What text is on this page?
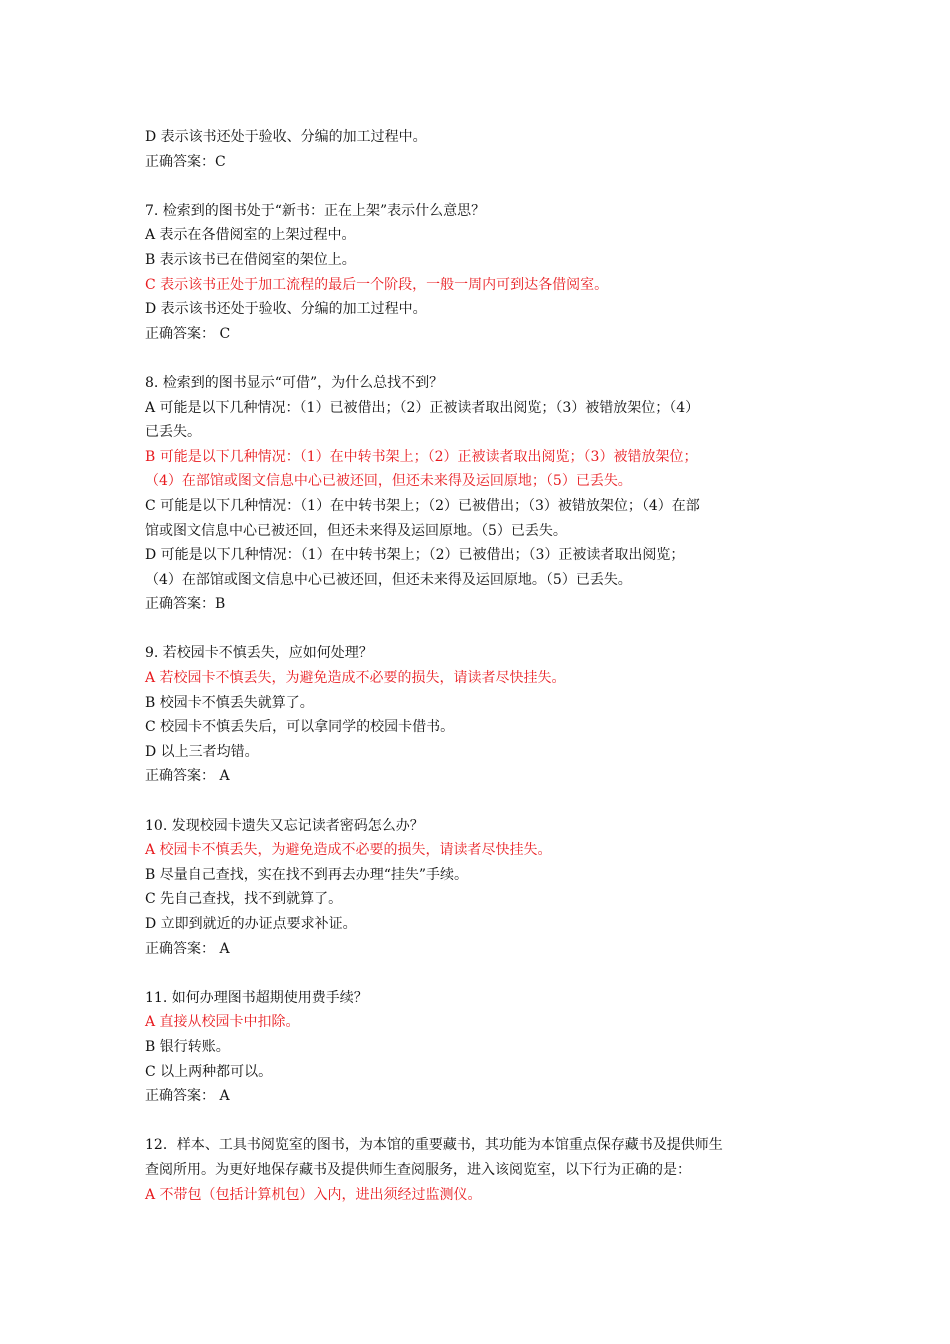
D 表示该书还处于验收、分编的加工过程中。
正确答案：C
7. 检索到的图书处于“新书：正在上架”表示什么意思？
A 表示在各借阅室的上架过程中。
B 表示该书已在借阅室的架位上。
C 表示该书正处于加工流程的最后一个阶段，一般一周内可到达各借阅室。
D 表示该书还处于验收、分编的加工过程中。
正确答案： C
8. 检索到的图书显示“可借”，为什么总找不到？
A 可能是以下几种情况：（1）已被借出；（2）正被读者取出阅览；（3）被错放架位；（4）
已丢失。
B 可能是以下几种情况：（1）在中转书架上；（2）正被读者取出阅览；（3）被错放架位；
（4）在部馆或图文信息中心已被还回，但还未来得及运回原地；（5）已丢失。
C 可能是以下几种情况：（1）在中转书架上；（2）已被借出；（3）被错放架位；（4）在部
馆或图文信息中心已被还回，但还未来得及运回原地。（5）已丢失。
D 可能是以下几种情况：（1）在中转书架上；（2）已被借出；（3）正被读者取出阅览；
（4）在部馆或图文信息中心已被还回，但还未来得及运回原地。（5）已丢失。
正确答案：B
9. 若校园卡不慎丢失，应如何处理？
A 若校园卡不慎丢失，为避免造成不必要的损失，请读者尽快挂失。
B 校园卡不慎丢失就算了。
C 校园卡不慎丢失后，可以拿同学的校园卡借书。
D 以上三者均错。
正确答案： A
10. 发现校园卡遗失又忘记读者密码怎么办？
A 校园卡不慎丢失，为避免造成不必要的损失，请读者尽快挂失。
B 尽量自己查找，实在找不到再去办理“挂失”手续。
C 先自己查找，找不到就算了。
D 立即到就近的办证点要求补证。
正确答案： A
11. 如何办理图书超期使用费手续？
A 直接从校园卡中扣除。
B 银行转账。
C 以上两种都可以。
正确答案： A
12．样本、工具书阅览室的图书，为本馆的重要藏书，其功能为本馆重点保存藏书及提供师生
查阅所用。为更好地保存藏书及提供师生查阅服务，进入该阅览室，以下行为正确的是：
A 不带包（包括计算机包）入内，进出须经过监测仪。
